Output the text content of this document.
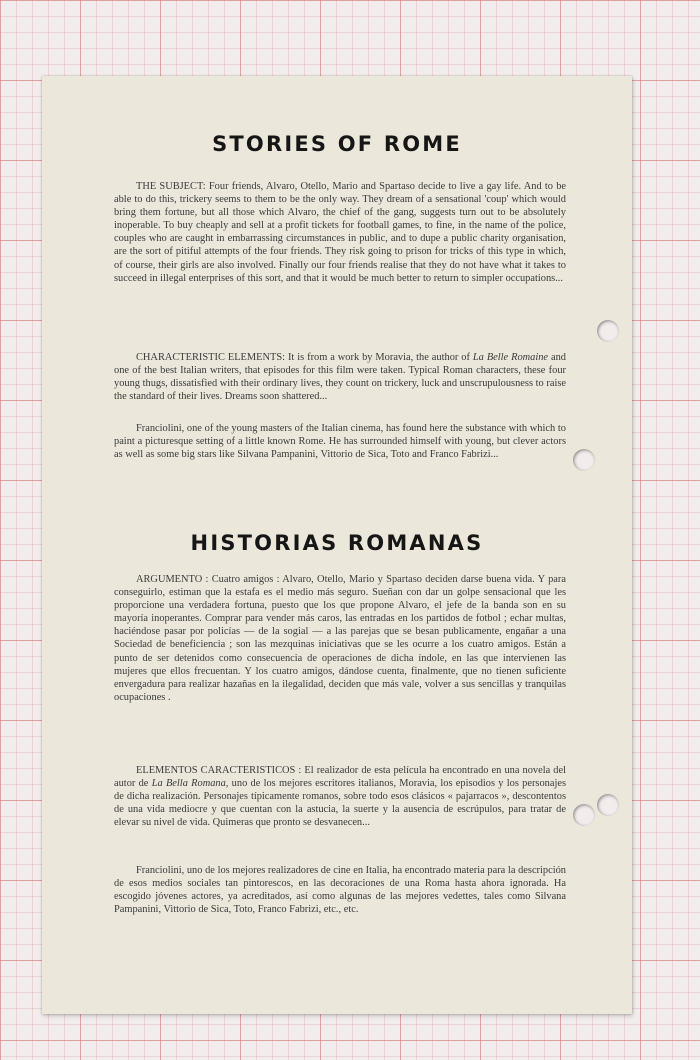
STORIES OF ROME

THE SUBJECT: Four friends, Alvaro, Otello, Mario and Spartaso decide to live a gay life. And to be able to do this, trickery seems to them to be the only way. They dream of a sensational 'coup' which would bring them fortune, but all those which Alvaro, the chief of the gang, suggests turn out to be absolutely inoperable. To buy cheaply and sell at a profit tickets for football games, to fine, in the name of the police, couples who are caught in embarrassing circumstances in public, and to dupe a public charity organisation, are the sort of pitiful attempts of the four friends. They risk going to prison for tricks of this type in which, of course, their girls are also involved. Finally our four friends realise that they do not have what it takes to succeed in illegal enterprises of this sort, and that it would be much better to return to simpler occupations...

CHARACTERISTIC ELEMENTS: It is from a work by Moravia, the author of La Belle Romaine and one of the best Italian writers, that episodes for this film were taken. Typical Roman characters, these four young thugs, dissatisfied with their ordinary lives, they count on trickery, luck and unscrupulousness to raise the standard of their lives. Dreams soon shattered...

Franciolini, one of the young masters of the Italian cinema, has found here the substance with which to paint a picturesque setting of a little known Rome. He has surrounded himself with young, but clever actors as well as some big stars like Silvana Pampanini, Vittorio de Sica, Toto and Franco Fabrizi...

HISTORIAS ROMANAS

ARGUMENTO : Cuatro amigos : Alvaro, Otello, Mario y Spartaso deciden darse buena vida. Y para conseguirlo, estiman que la estafa es el medio más seguro. Sueñan con dar un golpe sensacional que les proporcione una verdadera fortuna, puesto que los que propone Alvaro, el jefe de la banda son en su mayoría inoperantes. Comprar para vender más caros, las entradas en los partidos de fotbol ; echar multas, haciéndose pasar por policías — de la sogial — a las parejas que se besan publicamente, engañar a una Sociedad de beneficiencia ; son las mezquinas iniciativas que se les ocurre a los cuatro amigos. Están a punto de ser detenidos como consecuencia de operaciones de dicha índole, en las que intervienen las mujeres que ellos frecuentan. Y los cuatro amigos, dándose cuenta, finalmente, que no tienen suficiente envergadura para realizar hazañas en la ilegalidad, deciden que más vale, volver a sus sencillas y tranquilas ocupaciones .

ELEMENTOS CARACTERISTICOS : El realizador de esta película ha encontrado en una novela del autor de La Bella Romana, uno de los mejores escritores italianos, Moravia, los episodios y los personajes de dicha realización. Personajes típicamente romanos, sobre todo esos clásicos « pajarracos », descontentos de una vida mediocre y que cuentan con la astucia, la suerte y la ausencia de escrúpulos, para tratar de elevar su nivel de vida. Quimeras que pronto se desvanecen...

Franciolini, uno de los mejores realizadores de cine en Italia, ha encontrado materia para la descripción de esos medios sociales tan pintorescos, en las decoraciones de una Roma hasta ahora ignorada. Ha escogido jóvenes actores, ya acreditados, así como algunas de las mejores vedettes, tales como Silvana Pampanini, Vittorio de Sica, Toto, Franco Fabrizi, etc., etc.
